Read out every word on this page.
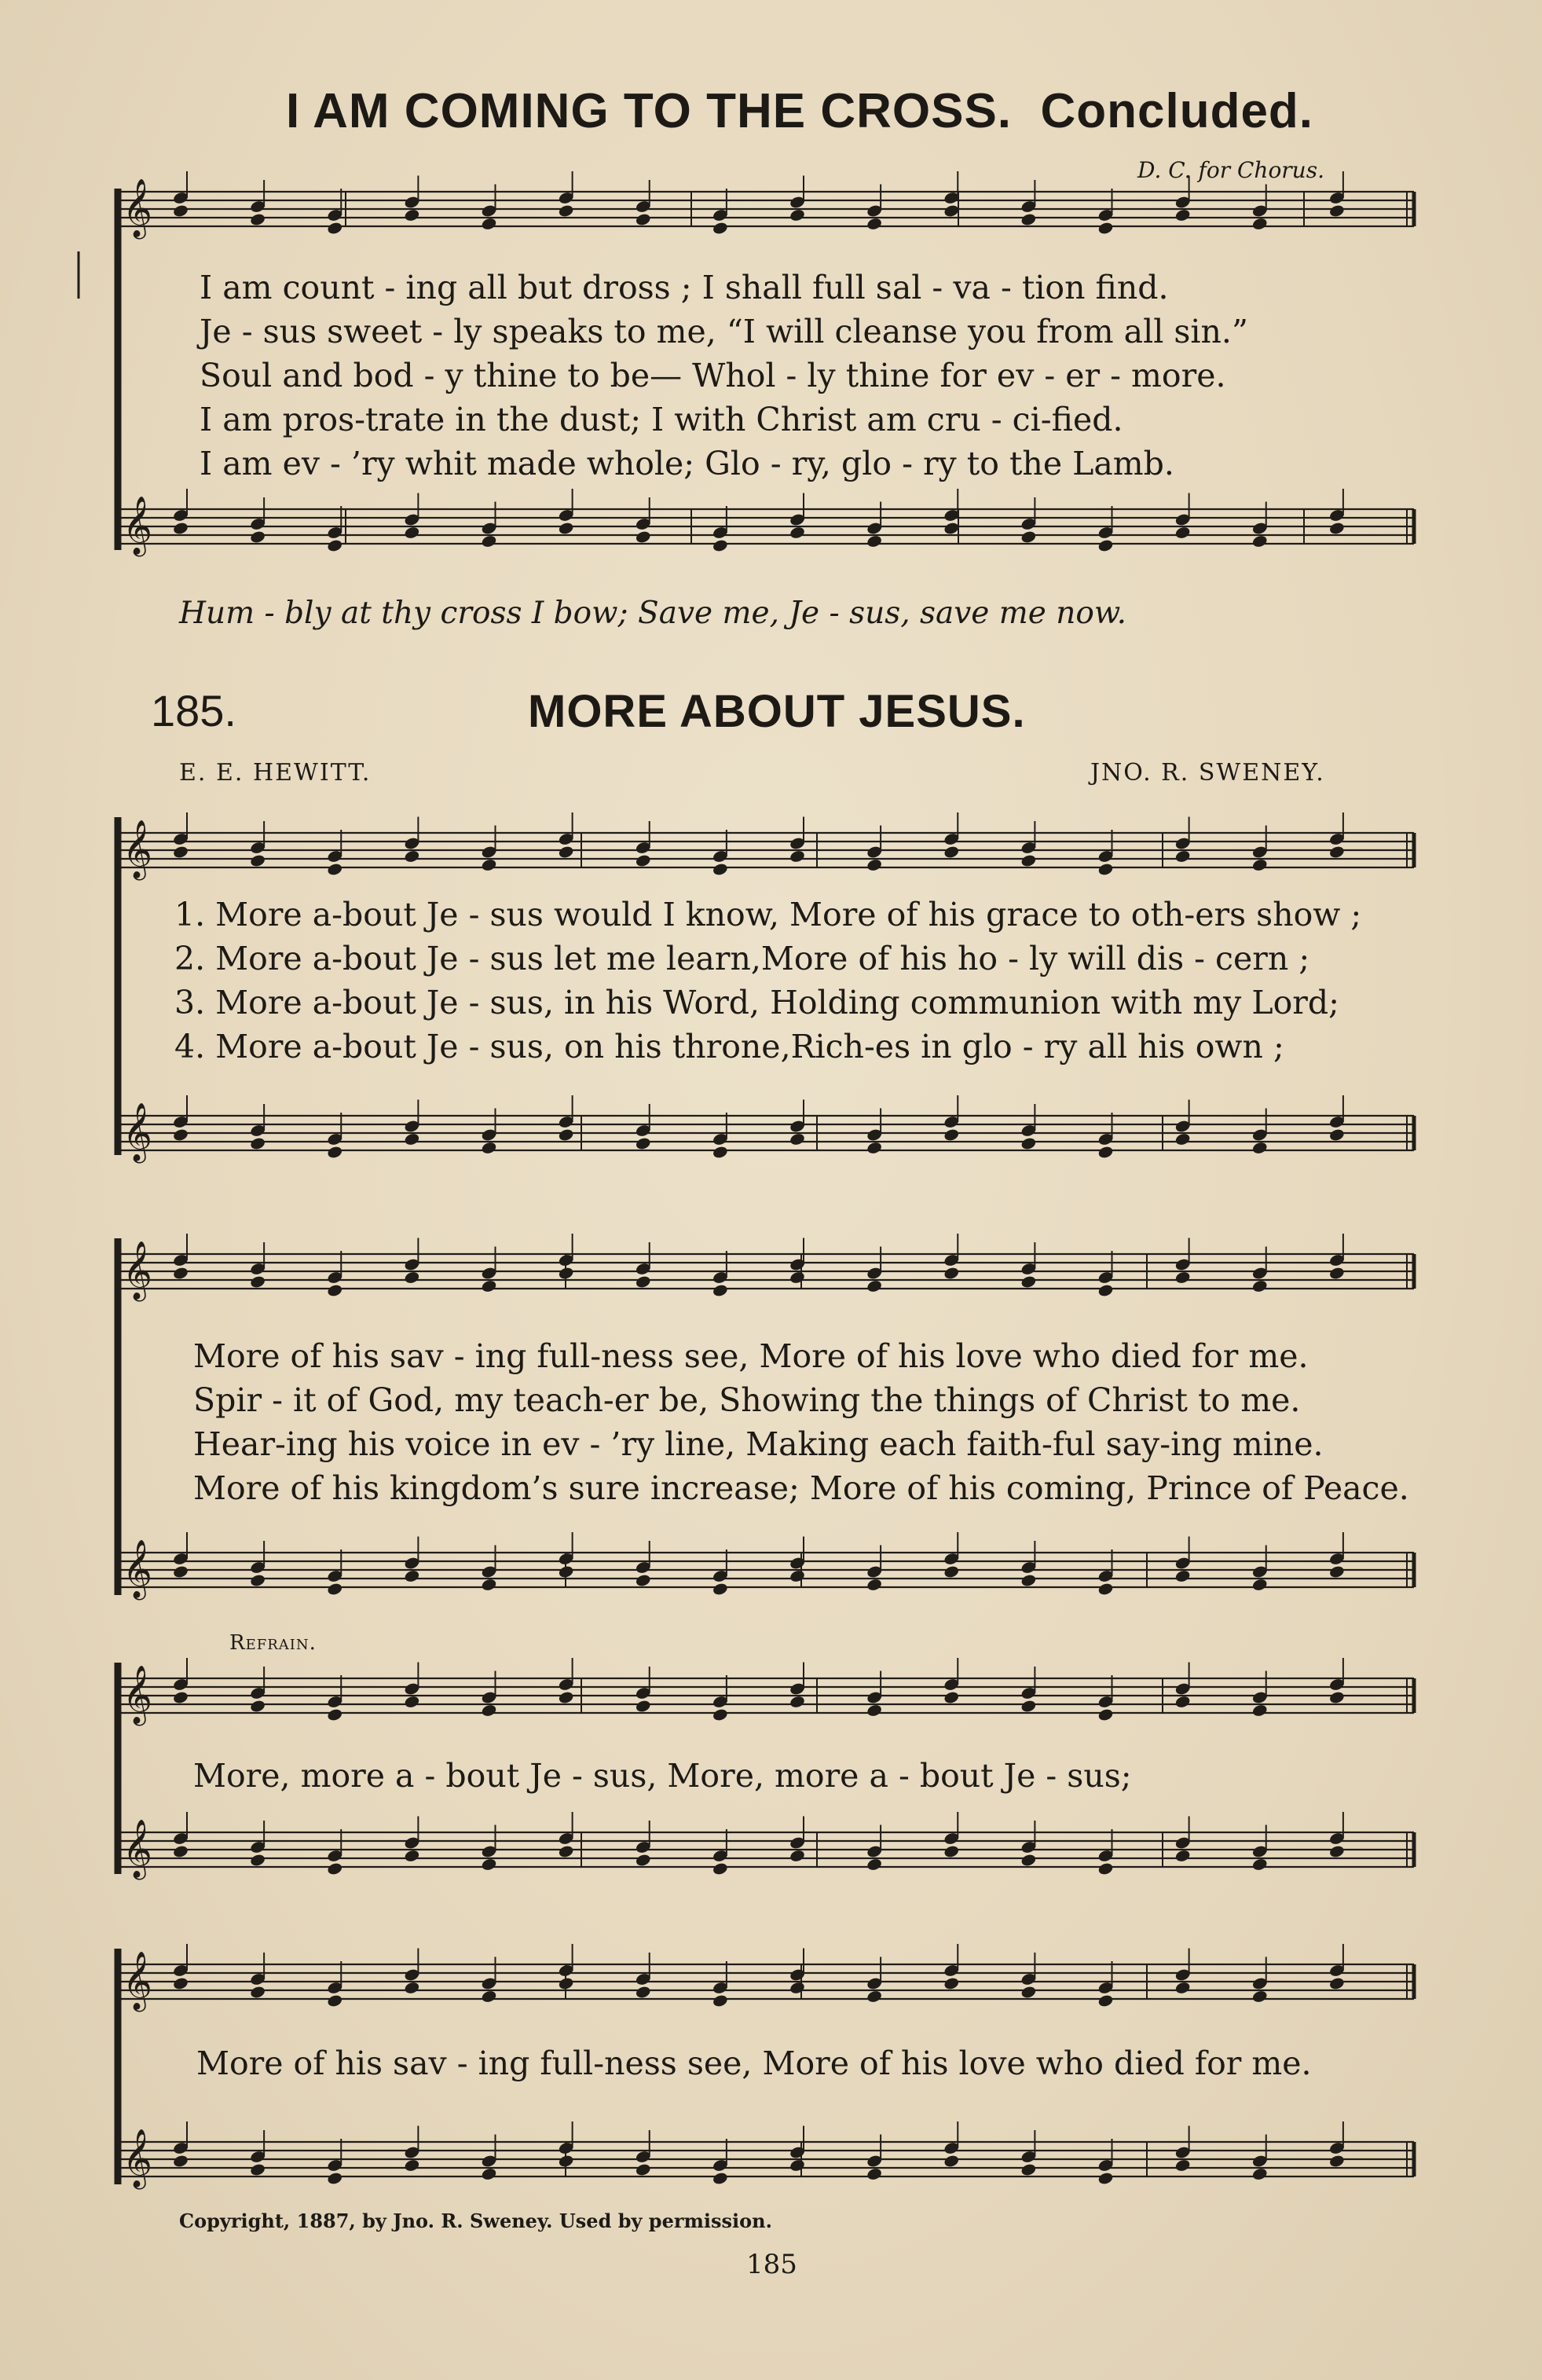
I AM COMING TO THE CROSS. Concluded.
D. C. for Chorus.
𝄞
𝄞
𝄞
𝄞
𝄞
𝄞
𝄞
𝄞
𝄞
𝄞
I am count - ing all but dross ; I shall full sal - va - tion find.
Je - sus sweet - ly speaks to me, “I will cleanse you from all sin.”
Soul and bod - y thine to be— Whol - ly thine for ev - er - more.
I am pros-trate in the dust; I with Christ am cru - ci-fied.
I am ev - ’ry whit made whole; Glo - ry, glo - ry to the Lamb.
Hum - bly at thy cross I bow; Save me, Je - sus, save me now.
185.	MORE ABOUT JESUS.
E. E. HEWITT.	JNO. R. SWENEY.
1. More a-bout Je - sus would I know, More of his grace to oth-ers show ;
2. More a-bout Je - sus let me learn,More of his ho - ly will dis - cern ;
3. More a-bout Je - sus, in his Word, Holding communion with my Lord;
4. More a-bout Je - sus, on his throne,Rich-es in glo - ry all his own ;
More of his sav - ing full-ness see, More of his love who died for me.
Spir - it of God, my teach-er be, Showing the things of Christ to me.
Hear-ing his voice in ev - ’ry line, Making each faith-ful say-ing mine.
More of his kingdom’s sure increase; More of his coming, Prince of Peace.
Refrain.
More, more a - bout Je - sus, More, more a - bout Je - sus;
More of his sav - ing full-ness see, More of his love who died for me.
Copyright, 1887, by Jno. R. Sweney. Used by permission.
185
